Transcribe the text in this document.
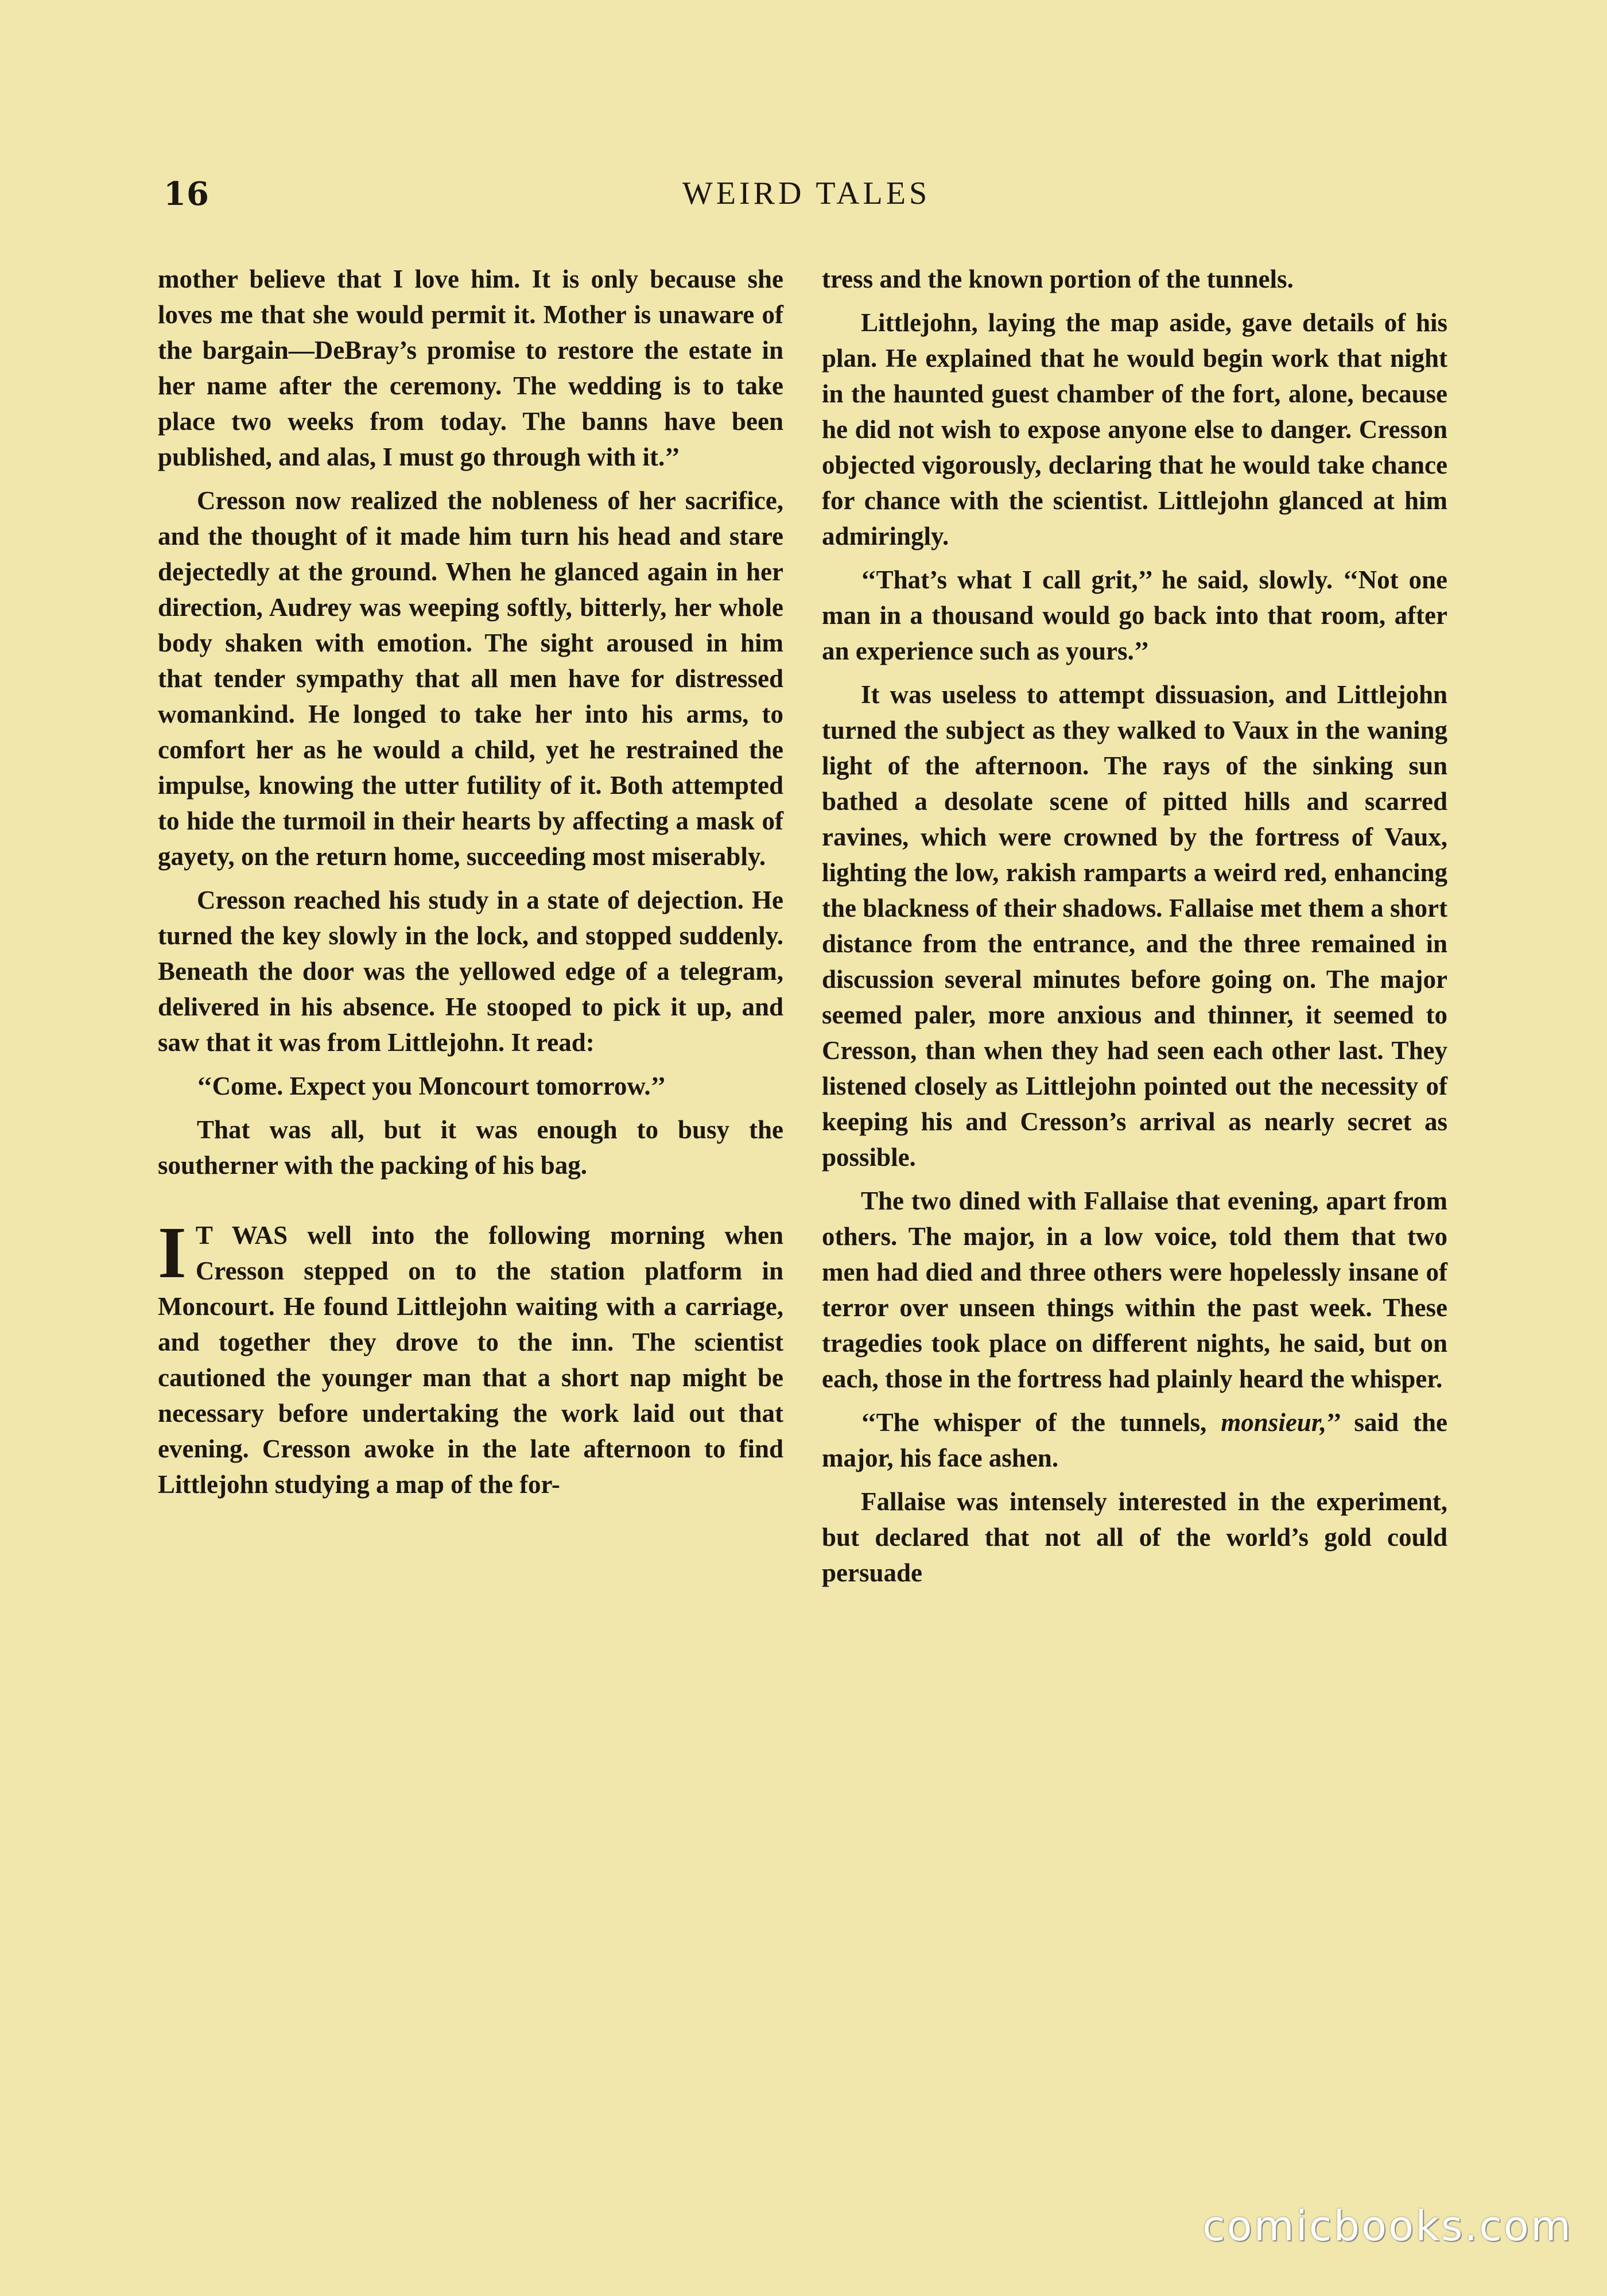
16	WEIRD TALES

mother believe that I love him. It is only because she loves me that she would permit it. Mother is unaware of the bargain—DeBray’s promise to restore the estate in her name after the ceremony. The wedding is to take place two weeks from today. The banns have been published, and alas, I must go through with it.’’

Cresson now realized the nobleness of her sacrifice, and the thought of it made him turn his head and stare dejectedly at the ground. When he glanced again in her direction, Audrey was weeping softly, bitterly, her whole body shaken with emotion. The sight aroused in him that tender sympathy that all men have for distressed womankind. He longed to take her into his arms, to comfort her as he would a child, yet he restrained the impulse, knowing the utter futility of it. Both attempted to hide the turmoil in their hearts by affecting a mask of gayety, on the return home, succeeding most miserably.

Cresson reached his study in a state of dejection. He turned the key slowly in the lock, and stopped suddenly. Beneath the door was the yellowed edge of a telegram, delivered in his absence. He stooped to pick it up, and saw that it was from Littlejohn. It read:

‘‘Come. Expect you Moncourt tomorrow.’’

That was all, but it was enough to busy the southerner with the packing of his bag.

I T WAS well into the following morning when Cresson stepped on to the station platform in Moncourt. He found Littlejohn waiting with a carriage, and together they drove to the inn. The scientist cautioned the younger man that a short nap might be necessary before undertaking the work laid out that evening. Cresson awoke in the late afternoon to find Littlejohn studying a map of the for-

tress and the known portion of the tunnels.

Littlejohn, laying the map aside, gave details of his plan. He explained that he would begin work that night in the haunted guest chamber of the fort, alone, because he did not wish to expose anyone else to danger. Cresson objected vigorously, declaring that he would take chance for chance with the scientist. Littlejohn glanced at him admiringly.

‘‘That’s what I call grit,’’ he said, slowly. ‘‘Not one man in a thousand would go back into that room, after an experience such as yours.’’

It was useless to attempt dissuasion, and Littlejohn turned the subject as they walked to Vaux in the waning light of the afternoon. The rays of the sinking sun bathed a desolate scene of pitted hills and scarred ravines, which were crowned by the fortress of Vaux, lighting the low, rakish ramparts a weird red, enhancing the blackness of their shadows. Fallaise met them a short distance from the entrance, and the three remained in discussion several minutes before going on. The major seemed paler, more anxious and thinner, it seemed to Cresson, than when they had seen each other last. They listened closely as Littlejohn pointed out the necessity of keeping his and Cresson’s arrival as nearly secret as possible.

The two dined with Fallaise that evening, apart from others. The major, in a low voice, told them that two men had died and three others were hopelessly insane of terror over unseen things within the past week. These tragedies took place on different nights, he said, but on each, those in the fortress had plainly heard the whisper.

‘‘The whisper of the tunnels, monsieur,’’ said the major, his face ashen.

Fallaise was intensely interested in the experiment, but declared that not all of the world’s gold could persuade

comicbooks.com
